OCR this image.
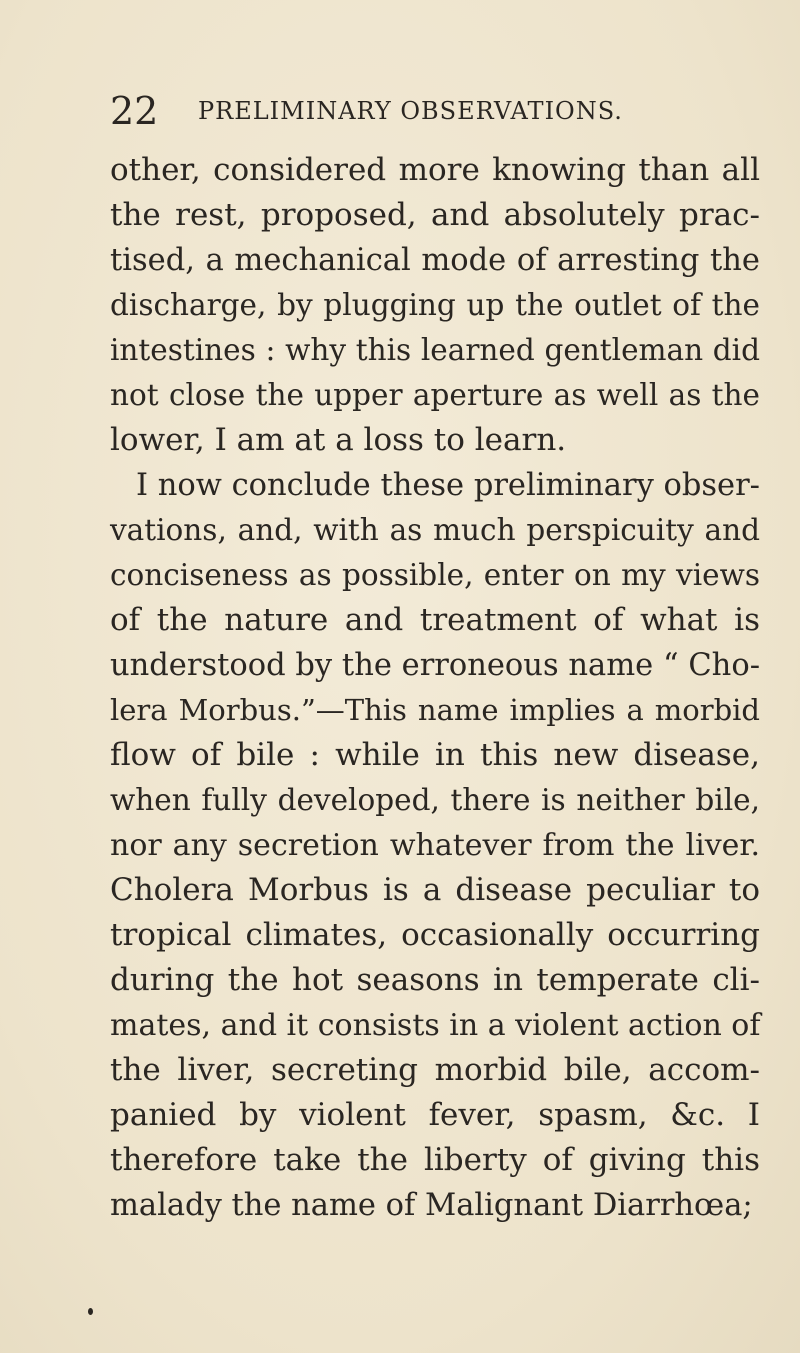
22 PRELIMINARY OBSERVATIONS.
other, considered more knowing than all
the rest, proposed, and absolutely prac-
tised, a mechanical mode of arresting the
discharge, by plugging up the outlet of the
intestines : why this learned gentleman did
not close the upper aperture as well as the
lower, I am at a loss to learn.
I now conclude these preliminary obser-
vations, and, with as much perspicuity and
conciseness as possible, enter on my views
of the nature and treatment of what is
understood by the erroneous name “ Cho-
lera Morbus.”—This name implies a morbid
flow of bile : while in this new disease,
when fully developed, there is neither bile,
nor any secretion whatever from the liver.
Cholera Morbus is a disease peculiar to
tropical climates, occasionally occurring
during the hot seasons in temperate cli-
mates, and it consists in a violent action of
the liver, secreting morbid bile, accom-
panied by violent fever, spasm, &c. I
therefore take the liberty of giving this
malady the name of Malignant Diarrhœa;
